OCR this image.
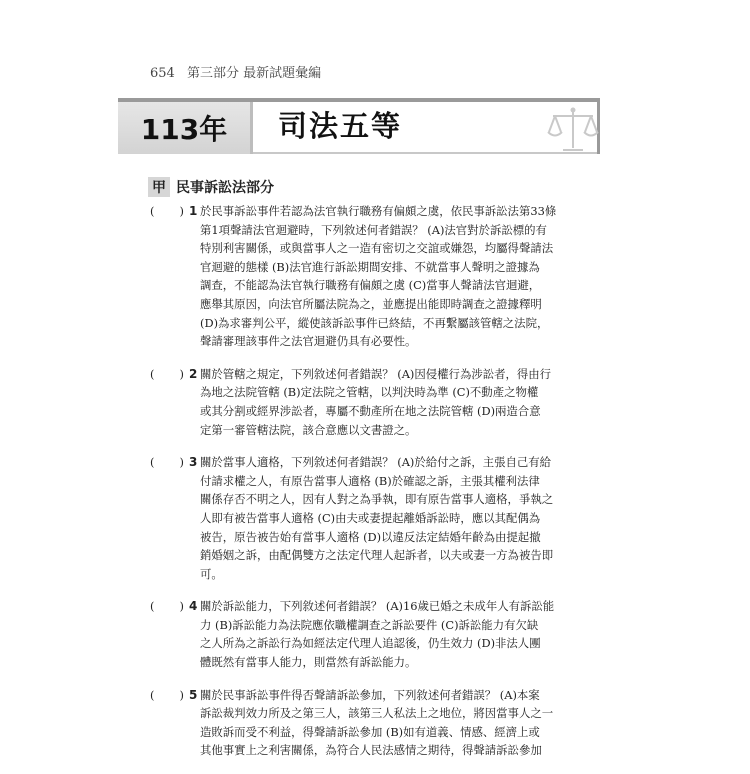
654 第三部分 最新試題彙編
113年	司法五等
甲 民事訴訟法部分
( ) 1 於民事訴訟事件若認為法官執行職務有偏頗之虞，依民事訴訟法第33條
第1項聲請法官迴避時，下列敘述何者錯誤？ (A)法官對於訴訟標的有
特別利害關係，或與當事人之一造有密切之交誼或嫌怨，均屬得聲請法
官迴避的態樣 (B)法官進行訴訟期間安排、不就當事人聲明之證據為
調查，不能認為法官執行職務有偏頗之虞 (C)當事人聲請法官迴避，
應舉其原因，向法官所屬法院為之，並應提出能即時調查之證據釋明
(D)為求審判公平，縱使該訴訟事件已終結，不再繫屬該管轄之法院，
聲請審理該事件之法官迴避仍具有必要性。
( ) 2 關於管轄之規定，下列敘述何者錯誤？ (A)因侵權行為涉訟者，得由行
為地之法院管轄 (B)定法院之管轄，以判決時為準 (C)不動產之物權
或其分割或經界涉訟者，專屬不動產所在地之法院管轄 (D)兩造合意
定第一審管轄法院，該合意應以文書證之。
( ) 3 關於當事人適格，下列敘述何者錯誤？ (A)於給付之訴，主張自己有給
付請求權之人，有原告當事人適格 (B)於確認之訴，主張其權利法律
關係存否不明之人，因有人對之為爭執，即有原告當事人適格，爭執之
人即有被告當事人適格 (C)由夫或妻提起離婚訴訟時，應以其配偶為
被告，原告被告始有當事人適格 (D)以違反法定結婚年齡為由提起撤
銷婚姻之訴，由配偶雙方之法定代理人起訴者，以夫或妻一方為被告即
可。
( ) 4 關於訴訟能力，下列敘述何者錯誤？ (A)16歲已婚之未成年人有訴訟能
力 (B)訴訟能力為法院應依職權調查之訴訟要件 (C)訴訟能力有欠缺
之人所為之訴訟行為如經法定代理人追認後，仍生效力 (D)非法人團
體既然有當事人能力，則當然有訴訟能力。
( ) 5 關於民事訴訟事件得否聲請訴訟參加，下列敘述何者錯誤？ (A)本案
訴訟裁判效力所及之第三人，該第三人私法上之地位，將因當事人之一
造敗訴而受不利益，得聲請訴訟參加 (B)如有道義、情感、經濟上或
其他事實上之利害關係，為符合人民法感情之期待，得聲請訴訟參加
